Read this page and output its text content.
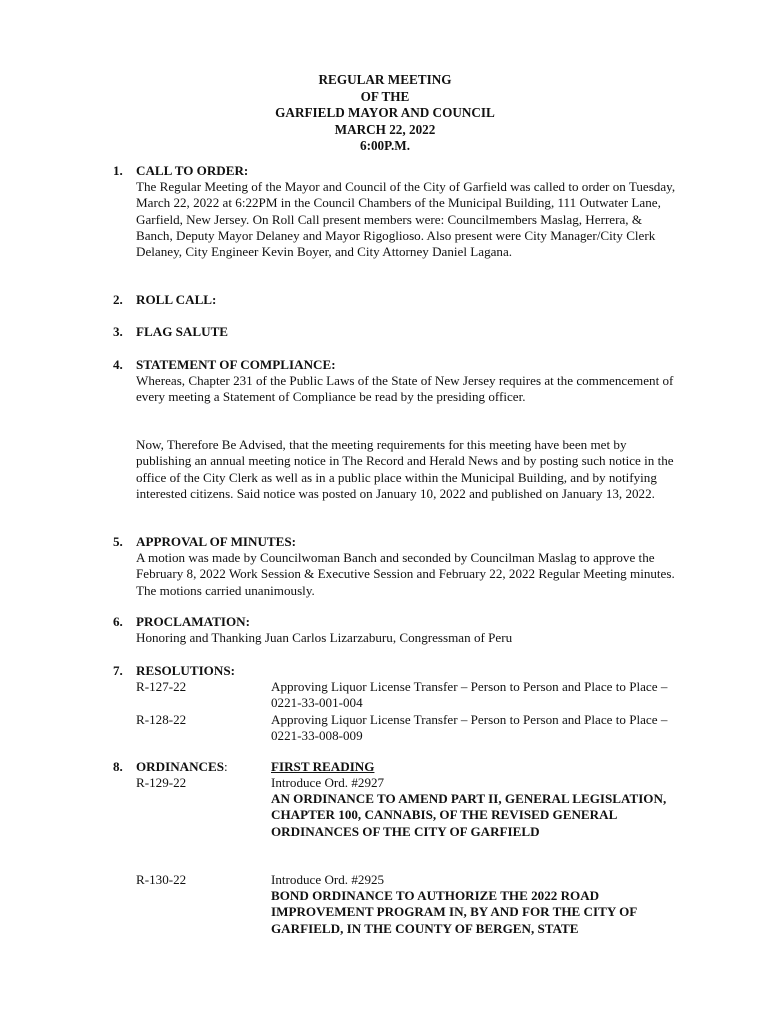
REGULAR MEETING
OF THE
GARFIELD MAYOR AND COUNCIL
MARCH 22, 2022
6:00P.M.
1. CALL TO ORDER:
The Regular Meeting of the Mayor and Council of the City of Garfield was called to order on Tuesday, March 22, 2022 at 6:22PM in the Council Chambers of the Municipal Building, 111 Outwater Lane, Garfield, New Jersey. On Roll Call present members were: Councilmembers Maslag, Herrera, & Banch, Deputy Mayor Delaney and Mayor Rigoglioso. Also present were City Manager/City Clerk Delaney, City Engineer Kevin Boyer, and City Attorney Daniel Lagana.
2. ROLL CALL:
3. FLAG SALUTE
4. STATEMENT OF COMPLIANCE:
Whereas, Chapter 231 of the Public Laws of the State of New Jersey requires at the commencement of every meeting a Statement of Compliance be read by the presiding officer.
Now, Therefore Be Advised, that the meeting requirements for this meeting have been met by publishing an annual meeting notice in The Record and Herald News and by posting such notice in the office of the City Clerk as well as in a public place within the Municipal Building, and by notifying interested citizens. Said notice was posted on January 10, 2022 and published on January 13, 2022.
5. APPROVAL OF MINUTES:
A motion was made by Councilwoman Banch and seconded by Councilman Maslag to approve the February 8, 2022 Work Session & Executive Session and February 22, 2022 Regular Meeting minutes. The motions carried unanimously.
6. PROCLAMATION:
Honoring and Thanking Juan Carlos Lizarzaburu, Congressman of Peru
7. RESOLUTIONS:
R-127-22	Approving Liquor License Transfer – Person to Person and Place to Place – 0221-33-001-004
R-128-22	Approving Liquor License Transfer – Person to Person and Place to Place – 0221-33-008-009
8. ORDINANCES:	FIRST READING
R-129-22	Introduce Ord. #2927
AN ORDINANCE TO AMEND PART II, GENERAL LEGISLATION, CHAPTER 100, CANNABIS, OF THE REVISED GENERAL ORDINANCES OF THE CITY OF GARFIELD
R-130-22	Introduce Ord. #2925
BOND ORDINANCE TO AUTHORIZE THE 2022 ROAD IMPROVEMENT PROGRAM IN, BY AND FOR THE CITY OF GARFIELD, IN THE COUNTY OF BERGEN, STATE
